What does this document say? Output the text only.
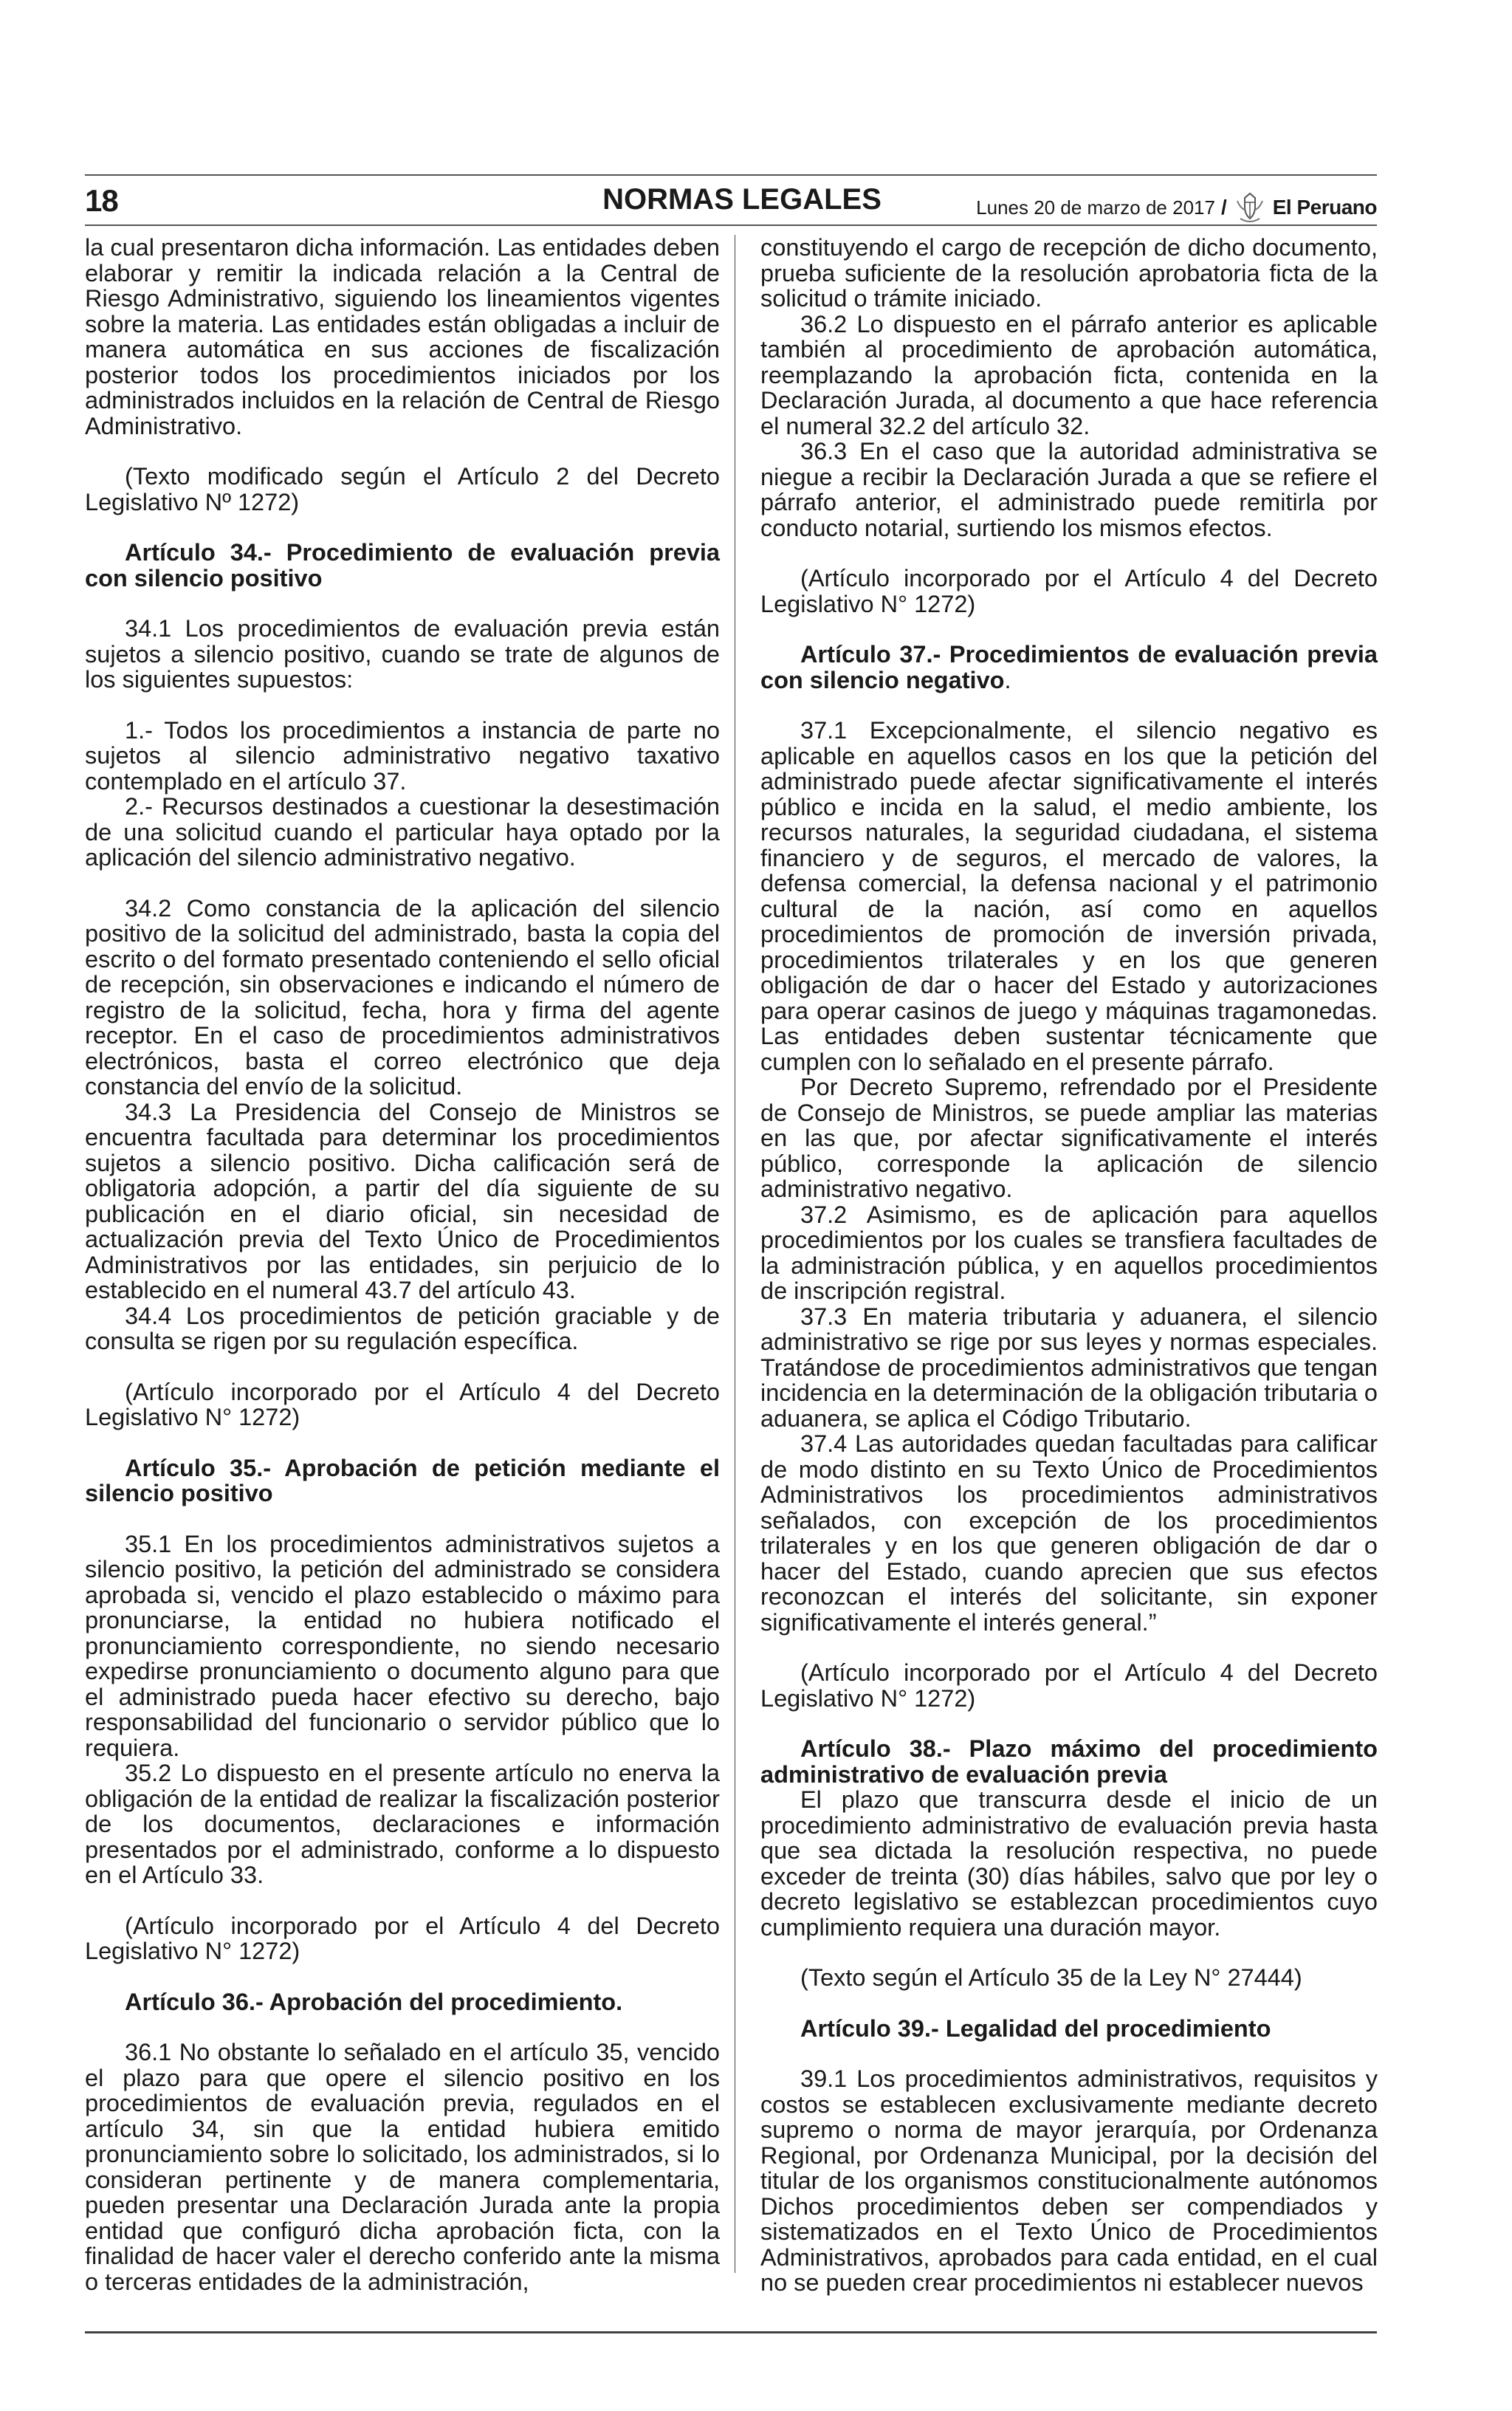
18	NORMAS LEGALES	Lunes 20 de marzo de 2017 / El Peruano

la cual presentaron dicha información. Las entidades deben elaborar y remitir la indicada relación a la Central de Riesgo Administrativo, siguiendo los lineamientos vigentes sobre la materia. Las entidades están obligadas a incluir de manera automática en sus acciones de fiscalización posterior todos los procedimientos iniciados por los administrados incluidos en la relación de Central de Riesgo Administrativo.

(Texto modificado según el Artículo 2 del Decreto Legislativo Nº 1272)

Artículo 34.- Procedimiento de evaluación previa con silencio positivo

34.1 Los procedimientos de evaluación previa están sujetos a silencio positivo, cuando se trate de algunos de los siguientes supuestos:

1.- Todos los procedimientos a instancia de parte no sujetos al silencio administrativo negativo taxativo contemplado en el artículo 37.

2.- Recursos destinados a cuestionar la desestimación de una solicitud cuando el particular haya optado por la aplicación del silencio administrativo negativo.

34.2 Como constancia de la aplicación del silencio positivo de la solicitud del administrado, basta la copia del escrito o del formato presentado conteniendo el sello oficial de recepción, sin observaciones e indicando el número de registro de la solicitud, fecha, hora y firma del agente receptor. En el caso de procedimientos administrativos electrónicos, basta el correo electrónico que deja constancia del envío de la solicitud.

34.3 La Presidencia del Consejo de Ministros se encuentra facultada para determinar los procedimientos sujetos a silencio positivo. Dicha calificación será de obligatoria adopción, a partir del día siguiente de su publicación en el diario oficial, sin necesidad de actualización previa del Texto Único de Procedimientos Administrativos por las entidades, sin perjuicio de lo establecido en el numeral 43.7 del artículo 43.

34.4 Los procedimientos de petición graciable y de consulta se rigen por su regulación específica.

(Artículo incorporado por el Artículo 4 del Decreto Legislativo N° 1272)

Artículo 35.- Aprobación de petición mediante el silencio positivo

35.1 En los procedimientos administrativos sujetos a silencio positivo, la petición del administrado se considera aprobada si, vencido el plazo establecido o máximo para pronunciarse, la entidad no hubiera notificado el pronunciamiento correspondiente, no siendo necesario expedirse pronunciamiento o documento alguno para que el administrado pueda hacer efectivo su derecho, bajo responsabilidad del funcionario o servidor público que lo requiera.

35.2 Lo dispuesto en el presente artículo no enerva la obligación de la entidad de realizar la fiscalización posterior de los documentos, declaraciones e información presentados por el administrado, conforme a lo dispuesto en el Artículo 33.

(Artículo incorporado por el Artículo 4 del Decreto Legislativo N° 1272)

Artículo 36.- Aprobación del procedimiento.

36.1 No obstante lo señalado en el artículo 35, vencido el plazo para que opere el silencio positivo en los procedimientos de evaluación previa, regulados en el artículo 34, sin que la entidad hubiera emitido pronunciamiento sobre lo solicitado, los administrados, si lo consideran pertinente y de manera complementaria, pueden presentar una Declaración Jurada ante la propia entidad que configuró dicha aprobación ficta, con la finalidad de hacer valer el derecho conferido ante la misma o terceras entidades de la administración,

constituyendo el cargo de recepción de dicho documento, prueba suficiente de la resolución aprobatoria ficta de la solicitud o trámite iniciado.

36.2 Lo dispuesto en el párrafo anterior es aplicable también al procedimiento de aprobación automática, reemplazando la aprobación ficta, contenida en la Declaración Jurada, al documento a que hace referencia el numeral 32.2 del artículo 32.

36.3 En el caso que la autoridad administrativa se niegue a recibir la Declaración Jurada a que se refiere el párrafo anterior, el administrado puede remitirla por conducto notarial, surtiendo los mismos efectos.

(Artículo incorporado por el Artículo 4 del Decreto Legislativo N° 1272)

Artículo 37.- Procedimientos de evaluación previa con silencio negativo.

37.1 Excepcionalmente, el silencio negativo es aplicable en aquellos casos en los que la petición del administrado puede afectar significativamente el interés público e incida en la salud, el medio ambiente, los recursos naturales, la seguridad ciudadana, el sistema financiero y de seguros, el mercado de valores, la defensa comercial, la defensa nacional y el patrimonio cultural de la nación, así como en aquellos procedimientos de promoción de inversión privada, procedimientos trilaterales y en los que generen obligación de dar o hacer del Estado y autorizaciones para operar casinos de juego y máquinas tragamonedas. Las entidades deben sustentar técnicamente que cumplen con lo señalado en el presente párrafo.

Por Decreto Supremo, refrendado por el Presidente de Consejo de Ministros, se puede ampliar las materias en las que, por afectar significativamente el interés público, corresponde la aplicación de silencio administrativo negativo.

37.2 Asimismo, es de aplicación para aquellos procedimientos por los cuales se transfiera facultades de la administración pública, y en aquellos procedimientos de inscripción registral.

37.3 En materia tributaria y aduanera, el silencio administrativo se rige por sus leyes y normas especiales. Tratándose de procedimientos administrativos que tengan incidencia en la determinación de la obligación tributaria o aduanera, se aplica el Código Tributario.

37.4 Las autoridades quedan facultadas para calificar de modo distinto en su Texto Único de Procedimientos Administrativos los procedimientos administrativos señalados, con excepción de los procedimientos trilaterales y en los que generen obligación de dar o hacer del Estado, cuando aprecien que sus efectos reconozcan el interés del solicitante, sin exponer significativamente el interés general.”

(Artículo incorporado por el Artículo 4 del Decreto Legislativo N° 1272)

Artículo 38.- Plazo máximo del procedimiento administrativo de evaluación previa

El plazo que transcurra desde el inicio de un procedimiento administrativo de evaluación previa hasta que sea dictada la resolución respectiva, no puede exceder de treinta (30) días hábiles, salvo que por ley o decreto legislativo se establezcan procedimientos cuyo cumplimiento requiera una duración mayor.

(Texto según el Artículo 35 de la Ley N° 27444)

Artículo 39.- Legalidad del procedimiento

39.1 Los procedimientos administrativos, requisitos y costos se establecen exclusivamente mediante decreto supremo o norma de mayor jerarquía, por Ordenanza Regional, por Ordenanza Municipal, por la decisión del titular de los organismos constitucionalmente autónomos Dichos procedimientos deben ser compendiados y sistematizados en el Texto Único de Procedimientos Administrativos, aprobados para cada entidad, en el cual no se pueden crear procedimientos ni establecer nuevos
